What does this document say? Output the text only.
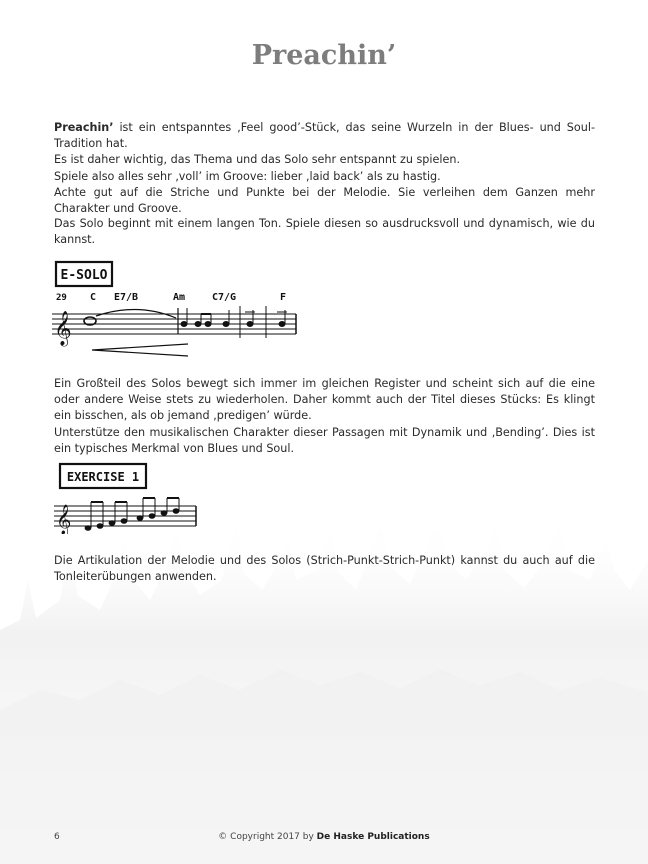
Preachin’

Preachin’ ist ein entspanntes ‚Feel good’-Stück, das seine Wurzeln in der Blues- und Soul-Tradition hat.
Es ist daher wichtig, das Thema und das Solo sehr entspannt zu spielen.
Spiele also alles sehr ‚voll’ im Groove: lieber ‚laid back’ als zu hastig.
Achte gut auf die Striche und Punkte bei der Melodie. Sie verleihen dem Ganzen mehr Charakter und Groove.

Das Solo beginnt mit einem langen Ton. Spiele diesen so ausdrucksvoll und dynamisch, wie du kannst.

E-SOLO
29 C E7/B	Am	C7/G	F
𝄞

Ein Großteil des Solos bewegt sich immer im gleichen Register und scheint sich auf die eine oder andere Weise stets zu wiederholen. Daher kommt auch der Titel dieses Stücks: Es klingt ein bisschen, als ob jemand ‚predigen’ würde.
Unterstütze den musikalischen Charakter dieser Passagen mit Dynamik und ‚Bending’. Dies ist ein typisches Merkmal von Blues und Soul.

EXERCISE 1
𝄞

Die Artikulation der Melodie und des Solos (Strich-Punkt-Strich-Punkt) kannst du auch auf die Tonleiterübungen anwenden.

6	© Copyright 2017 by De Haske Publications
